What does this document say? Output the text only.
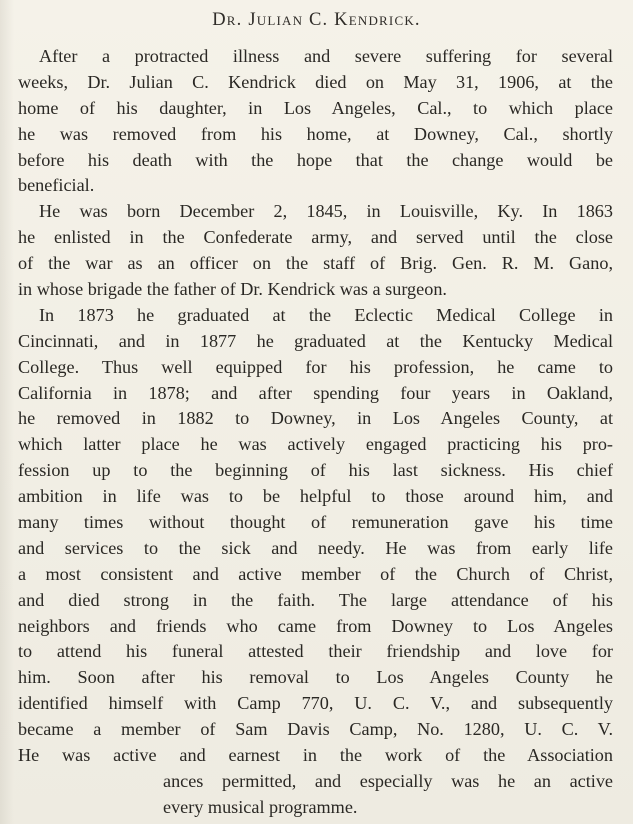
Dr. Julian C. Kendrick.
After a protracted illness and severe suffering for several
weeks, Dr. Julian C. Kendrick died on May 31, 1906, at the
home of his daughter, in Los Angeles, Cal., to which place
he was removed from his home, at Downey, Cal., shortly
before his death with the hope that the change would be
beneficial.
He was born December 2, 1845, in Louisville, Ky. In 1863
he enlisted in the Confederate army, and served until the close
of the war as an officer on the staff of Brig. Gen. R. M. Gano,
in whose brigade the father of Dr. Kendrick was a surgeon.
In 1873 he graduated at the Eclectic Medical College in
Cincinnati, and in 1877 he graduated at the Kentucky Medical
College. Thus well equipped for his profession, he came to
California in 1878; and after spending four years in Oakland,
he removed in 1882 to Downey, in Los Angeles County, at
which latter place he was actively engaged practicing his pro-
fession up to the beginning of his last sickness. His chief
ambition in life was to be helpful to those around him, and
many times without thought of remuneration gave his time
and services to the sick and needy. He was from early life
a most consistent and active member of the Church of Christ,
and died strong in the faith. The large attendance of his
neighbors and friends who came from Downey to Los Angeles
to attend his funeral attested their friendship and love for
him. Soon after his removal to Los Angeles County he
identified himself with Camp 770, U. C. V., and subsequently
became a member of Sam Davis Camp, No. 1280, U. C. V.
He was active and earnest in the work of the Association
ances permitted, and especially was he an active
every musical programme.
